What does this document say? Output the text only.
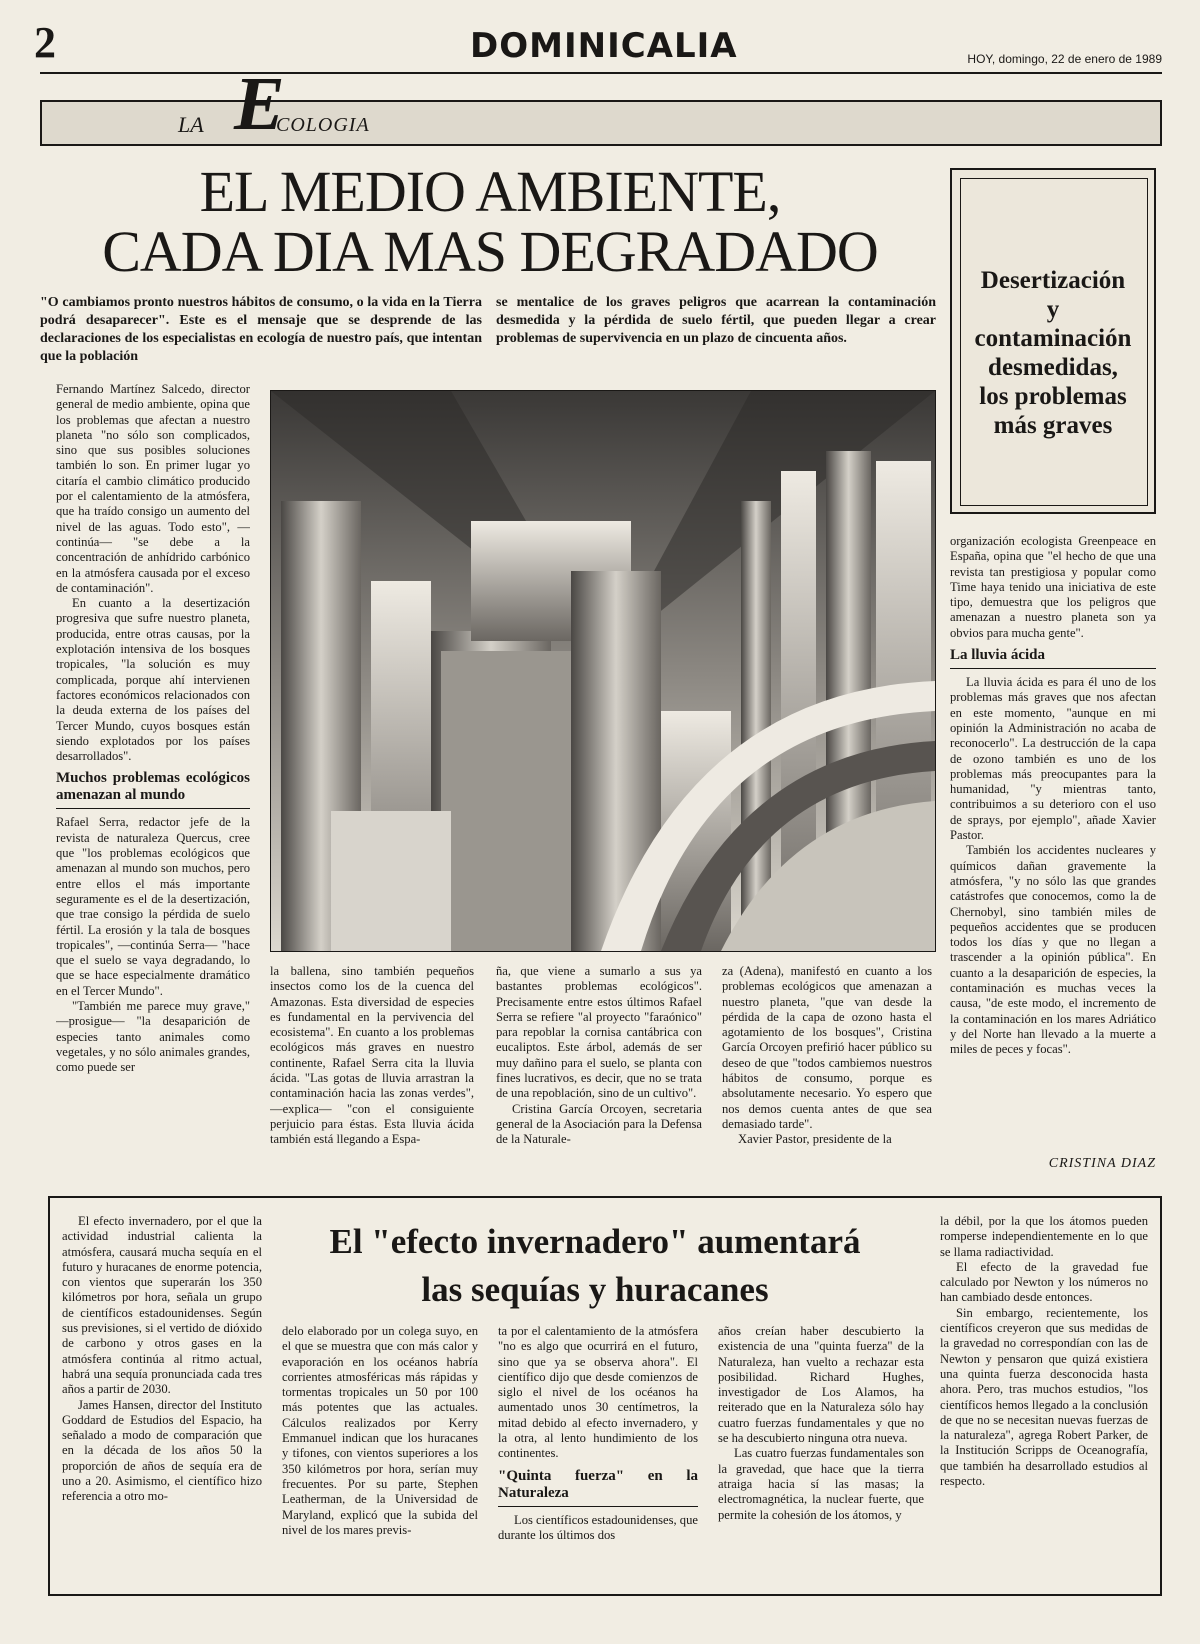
2	DOMINICALIA	HOY, domingo, 22 de enero de 1989
LA E
COLOGIA
EL MEDIO AMBIENTE,
CADA DIA MAS DEGRADADO
"O cambiamos pronto nuestros hábitos de consumo, o la vida en la Tierra podrá desaparecer". Este es el mensaje que se desprende de las declaraciones de los especialistas en ecología de nuestro país, que intentan que la población
se mentalice de los graves peligros que acarrean la contaminación desmedida y la pérdida de suelo fértil, que pueden llegar a crear problemas de supervivencia en un plazo de cincuenta años.
Desertización
y
contaminación
desmedidas,
los problemas
más graves

Fernando Martínez Salcedo, director general de medio ambiente, opina que los problemas que afectan a nuestro planeta "no sólo son complicados, sino que sus posibles soluciones también lo son. En primer lugar yo citaría el cambio climático producido por el calentamiento de la atmósfera, que ha traído consigo un aumento del nivel de las aguas. Todo esto", —continúa— "se debe a la concentración de anhídrido carbónico en la atmósfera causada por el exceso de contaminación".

En cuanto a la desertización progresiva que sufre nuestro planeta, producida, entre otras causas, por la explotación intensiva de los bosques tropicales, "la solución es muy complicada, porque ahí intervienen factores económicos relacionados con la deuda externa de los países del Tercer Mundo, cuyos bosques están siendo explotados por los países desarrollados".

Muchos problemas ecológicos amenazan al mundo

Rafael Serra, redactor jefe de la revista de naturaleza Quercus, cree que "los problemas ecológicos que amenazan al mundo son muchos, pero entre ellos el más importante seguramente es el de la desertización, que trae consigo la pérdida de suelo fértil. La erosión y la tala de bosques tropicales", —continúa Serra— "hace que el suelo se vaya degradando, lo que se hace especialmente dramático en el Tercer Mundo".

"También me parece muy grave," —prosigue— "la desaparición de especies tanto animales como vegetales, y no sólo animales grandes, como puede ser

la ballena, sino también pequeños insectos como los de la cuenca del Amazonas. Esta diversidad de especies es fundamental en la pervivencia del ecosistema". En cuanto a los problemas ecológicos más graves en nuestro continente, Rafael Serra cita la lluvia ácida. "Las gotas de lluvia arrastran la contaminación hacia las zonas verdes", —explica— "con el consiguiente perjuicio para éstas. Esta lluvia ácida también está llegando a Espa-

ña, que viene a sumarlo a sus ya bastantes problemas ecológicos". Precisamente entre estos últimos Rafael Serra se refiere "al proyecto "faraónico" para repoblar la cornisa cantábrica con eucaliptos. Este árbol, además de ser muy dañino para el suelo, se planta con fines lucrativos, es decir, que no se trata de una repoblación, sino de un cultivo".

Cristina García Orcoyen, secretaria general de la Asociación para la Defensa de la Naturale-

za (Adena), manifestó en cuanto a los problemas ecológicos que amenazan a nuestro planeta, "que van desde la pérdida de la capa de ozono hasta el agotamiento de los bosques", Cristina García Orcoyen prefirió hacer público su deseo de que "todos cambiemos nuestros hábitos de consumo, porque es absolutamente necesario. Yo espero que nos demos cuenta antes de que sea demasiado tarde".

Xavier Pastor, presidente de la

organización ecologista Greenpeace en España, opina que "el hecho de que una revista tan prestigiosa y popular como Time haya tenido una iniciativa de este tipo, demuestra que los peligros que amenazan a nuestro planeta son ya obvios para mucha gente".

La lluvia ácida

La lluvia ácida es para él uno de los problemas más graves que nos afectan en este momento, "aunque en mi opinión la Administración no acaba de reconocerlo". La destrucción de la capa de ozono también es uno de los problemas más preocupantes para la humanidad, "y mientras tanto, contribuimos a su deterioro con el uso de sprays, por ejemplo", añade Xavier Pastor.

También los accidentes nucleares y químicos dañan gravemente la atmósfera, "y no sólo las que grandes catástrofes que conocemos, como la de Chernobyl, sino también miles de pequeños accidentes que se producen todos los días y que no llegan a trascender a la opinión pública". En cuanto a la desaparición de especies, la contaminación es muchas veces la causa, "de este modo, el incremento de la contaminación en los mares Adriático y del Norte han llevado a la muerte a miles de peces y focas".

CRISTINA DIAZ
El "efecto invernadero" aumentará
las sequías y huracanes

El efecto invernadero, por el que la actividad industrial calienta la atmósfera, causará mucha sequía en el futuro y huracanes de enorme potencia, con vientos que superarán los 350 kilómetros por hora, señala un grupo de científicos estadounidenses. Según sus previsiones, si el vertido de dióxido de carbono y otros gases en la atmósfera continúa al ritmo actual, habrá una sequía pronunciada cada tres años a partir de 2030.

James Hansen, director del Instituto Goddard de Estudios del Espacio, ha señalado a modo de comparación que en la década de los años 50 la proporción de años de sequía era de uno a 20. Asimismo, el científico hizo referencia a otro mo-

delo elaborado por un colega suyo, en el que se muestra que con más calor y evaporación en los océanos habría corrientes atmosféricas más rápidas y tormentas tropicales un 50 por 100 más potentes que las actuales. Cálculos realizados por Kerry Emmanuel indican que los huracanes y tifones, con vientos superiores a los 350 kilómetros por hora, serían muy frecuentes. Por su parte, Stephen Leatherman, de la Universidad de Maryland, explicó que la subida del nivel de los mares previs-

ta por el calentamiento de la atmósfera "no es algo que ocurrirá en el futuro, sino que ya se observa ahora". El científico dijo que desde comienzos de siglo el nivel de los océanos ha aumentado unos 30 centímetros, la mitad debido al efecto invernadero, y la otra, al lento hundimiento de los continentes.

"Quinta fuerza" en la Naturaleza

Los científicos estadounidenses, que durante los últimos dos

años creían haber descubierto la existencia de una "quinta fuerza" de la Naturaleza, han vuelto a rechazar esta posibilidad. Richard Hughes, investigador de Los Alamos, ha reiterado que en la Naturaleza sólo hay cuatro fuerzas fundamentales y que no se ha descubierto ninguna otra nueva.

Las cuatro fuerzas fundamentales son la gravedad, que hace que la tierra atraiga hacia sí las masas; la electromagnética, la nuclear fuerte, que permite la cohesión de los átomos, y

la débil, por la que los átomos pueden romperse independientemente en lo que se llama radiactividad.

El efecto de la gravedad fue calculado por Newton y los números no han cambiado desde entonces.

Sin embargo, recientemente, los científicos creyeron que sus medidas de la gravedad no correspondían con las de Newton y pensaron que quizá existiera una quinta fuerza desconocida hasta ahora. Pero, tras muchos estudios, "los científicos hemos llegado a la conclusión de que no se necesitan nuevas fuerzas de la naturaleza", agrega Robert Parker, de la Institución Scripps de Oceanografía, que también ha desarrollado estudios al respecto.
